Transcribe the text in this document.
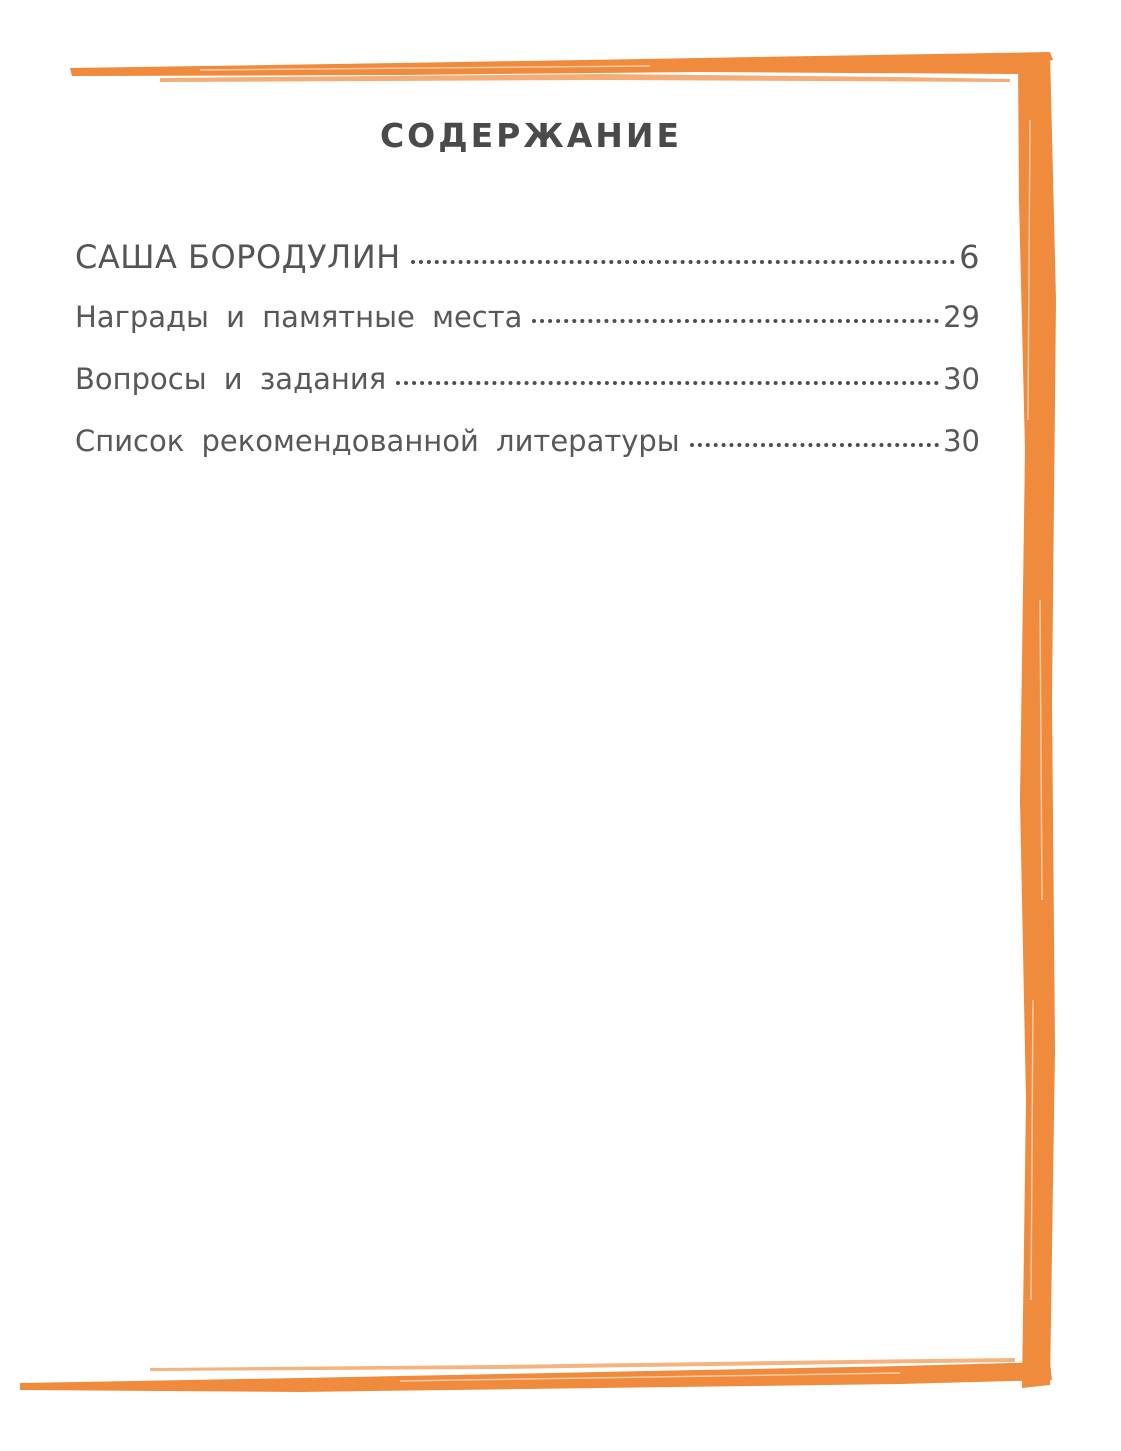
СОДЕРЖАНИЕ
САША БОРОДУЛИН	6
Награды и памятные места	29
Вопросы и задания	30
Список рекомендованной литературы	30
